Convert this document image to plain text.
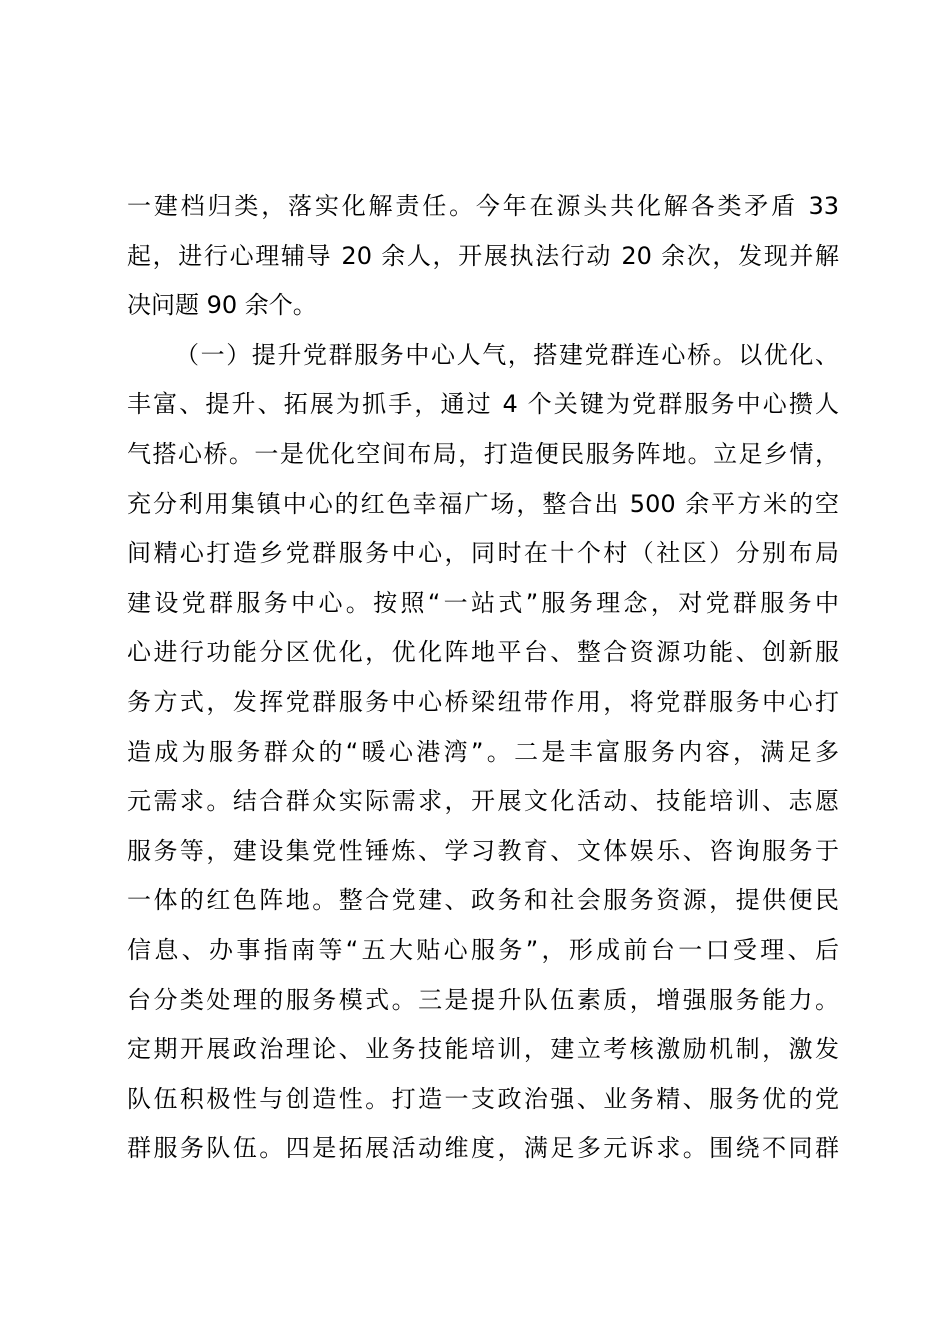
一建档归类，落实化解责任。今年在源头共化解各类矛盾 33
起，进行心理辅导 20 余人，开展执法行动 20 余次，发现并解
决问题 90 余个。
（一）提升党群服务中心人气，搭建党群连心桥。以优化、
丰富、提升、拓展为抓手，通过 4 个关键为党群服务中心攒人
气搭心桥。一是优化空间布局，打造便民服务阵地。立足乡情，
充分利用集镇中心的红色幸福广场，整合出 500 余平方米的空
间精心打造乡党群服务中心，同时在十个村（社区）分别布局
建设党群服务中心。按照“一站式”服务理念，对党群服务中
心进行功能分区优化，优化阵地平台、整合资源功能、创新服
务方式，发挥党群服务中心桥梁纽带作用，将党群服务中心打
造成为服务群众的“暖心港湾”。二是丰富服务内容，满足多
元需求。结合群众实际需求，开展文化活动、技能培训、志愿
服务等，建设集党性锤炼、学习教育、文体娱乐、咨询服务于
一体的红色阵地。整合党建、政务和社会服务资源，提供便民
信息、办事指南等“五大贴心服务”，形成前台一口受理、后
台分类处理的服务模式。三是提升队伍素质，增强服务能力。
定期开展政治理论、业务技能培训，建立考核激励机制，激发
队伍积极性与创造性。打造一支政治强、业务精、服务优的党
群服务队伍。四是拓展活动维度，满足多元诉求。围绕不同群
